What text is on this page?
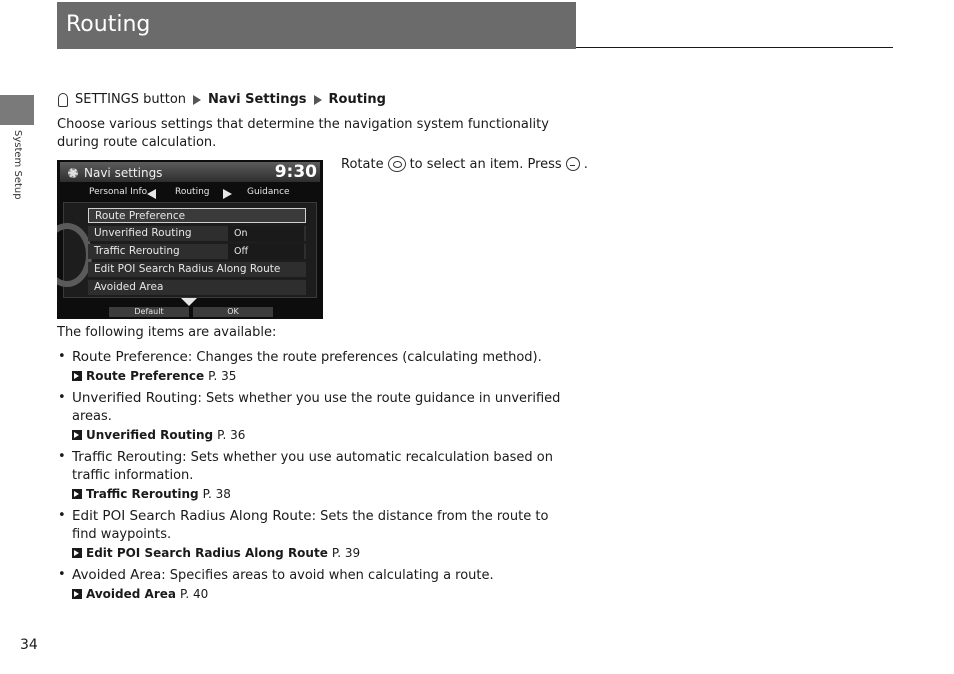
Routing
System Setup
SETTINGS button Navi Settings Routing
Choose various settings that determine the navigation system functionality during route calculation.
Navi settings	9:30
Personal Info	Routing	Guidance
Route Preference
Unverified Routing	On
Traffic Rerouting	Off
Edit POI Search Radius Along Route
Avoided Area
Default	OK
Rotate to select an item. Press .
The following items are available:
• Route Preference: Changes the route preferences (calculating method).
Route Preference P. 35
• Unverified Routing: Sets whether you use the route guidance in unverified areas.
Unverified Routing P. 36
• Traffic Rerouting: Sets whether you use automatic recalculation based on traffic information.
Traffic Rerouting P. 38
• Edit POI Search Radius Along Route: Sets the distance from the route to find waypoints.
Edit POI Search Radius Along Route P. 39
• Avoided Area: Specifies areas to avoid when calculating a route.
Avoided Area P. 40
34
